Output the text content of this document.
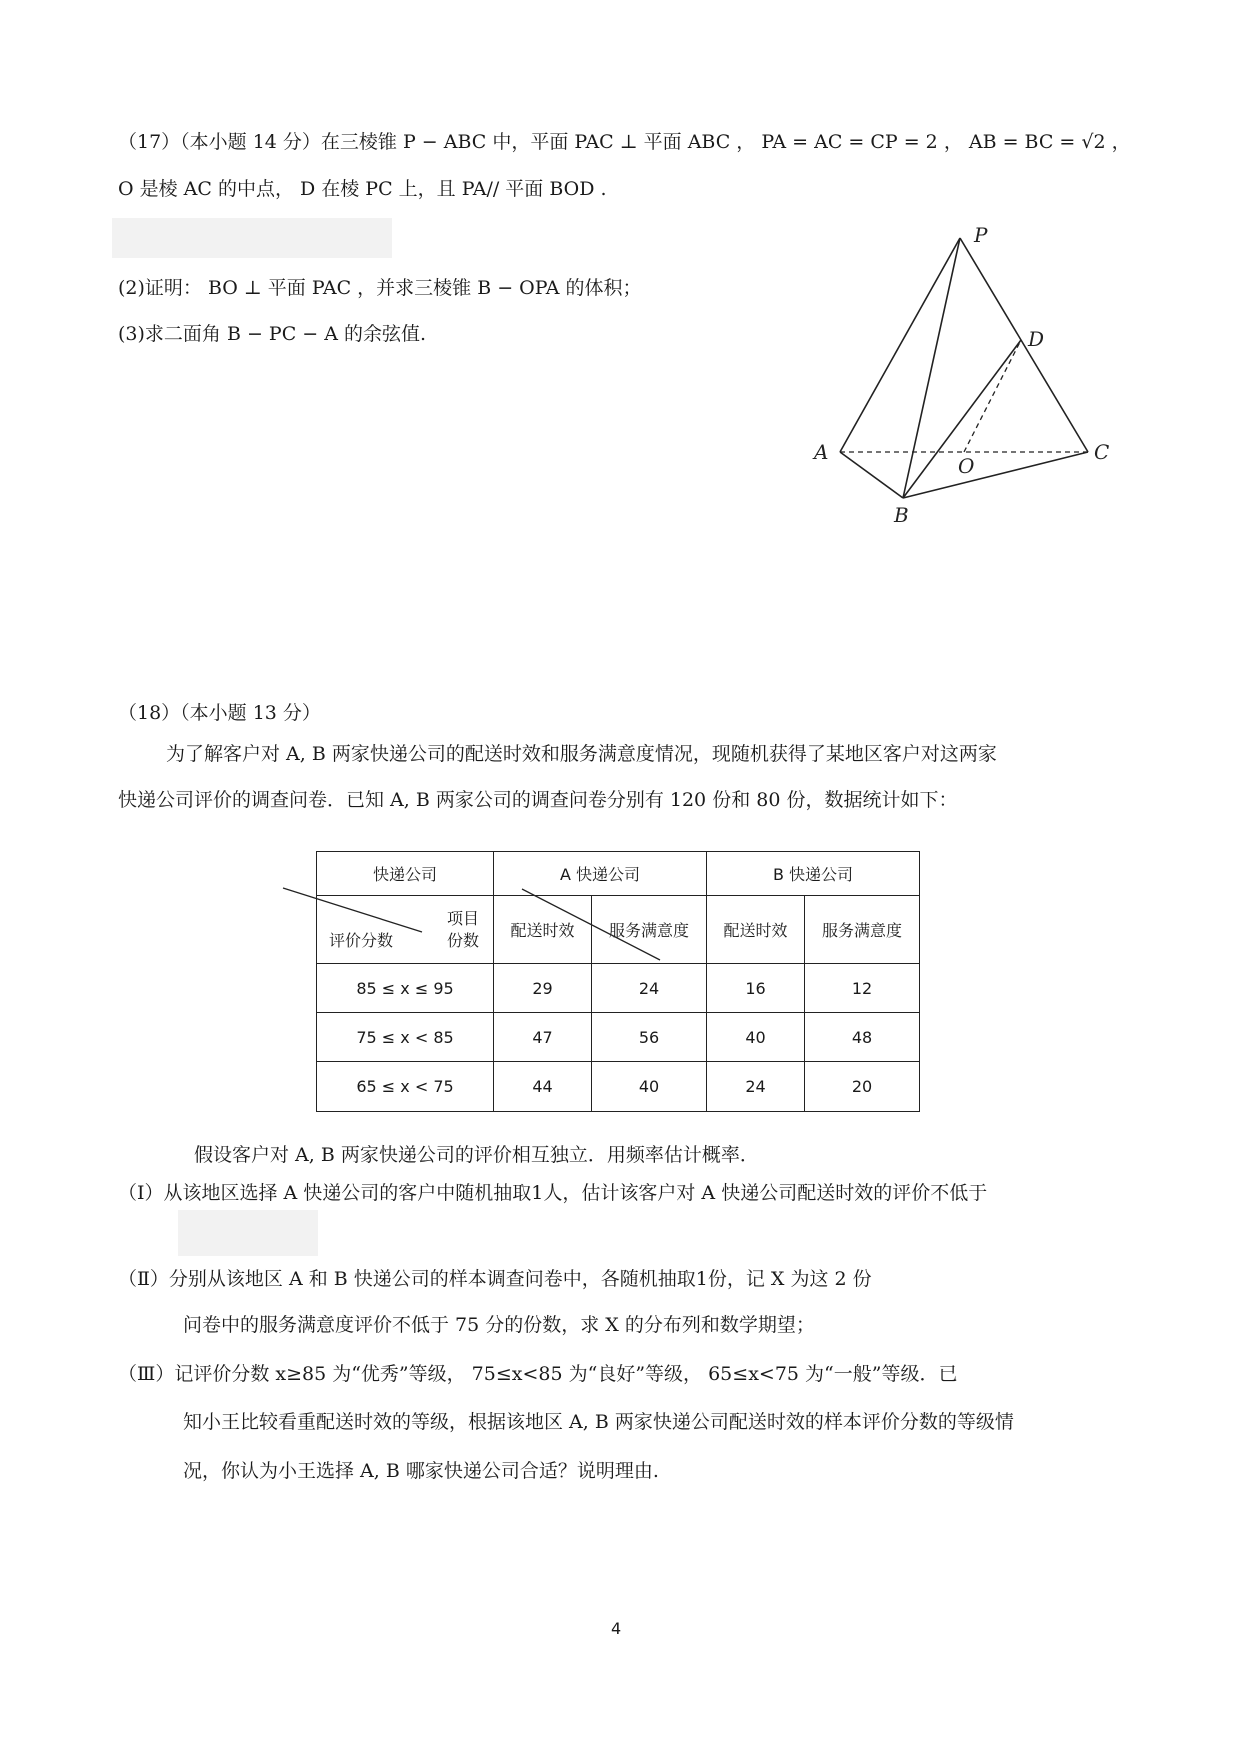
（17）（本小题 14 分）在三棱锥 P − ABC 中，平面 PAC ⊥ 平面 ABC ， PA = AC = CP = 2 ， AB = BC = √2 ，
O 是棱 AC 的中点， D 在棱 PC 上，且 PA// 平面 BOD .
(2)证明： BO ⊥ 平面 PAC ，并求三棱锥 B − OPA 的体积；
(3)求二面角 B − PC − A 的余弦值.
P
D
A
O
C
B
（18）（本小题 13 分）
为了解客户对 A, B 两家快递公司的配送时效和服务满意度情况，现随机获得了某地区客户对这两家
快递公司评价的调查问卷．已知 A, B 两家公司的调查问卷分别有 120 份和 80 份，数据统计如下：
快递公司	A 快递公司		B 快递公司	

项目
评价分数 份数	配送时效	服务满意度	配送时效	服务满意度
85 ≤ x ≤ 95	29	24	16	12
75 ≤ x < 85	47	56	40	48
65 ≤ x < 75	44	40	24	20
假设客户对 A, B 两家快递公司的评价相互独立．用频率估计概率．
（Ⅰ）从该地区选择 A 快递公司的客户中随机抽取1人，估计该客户对 A 快递公司配送时效的评价不低于
（Ⅱ）分别从该地区 A 和 B 快递公司的样本调查问卷中，各随机抽取1份，记 X 为这 2 份
问卷中的服务满意度评价不低于 75 分的份数，求 X 的分布列和数学期望；
（Ⅲ）记评价分数 x≥85 为“优秀”等级， 75≤x<85 为“良好”等级， 65≤x<75 为“一般”等级．已
知小王比较看重配送时效的等级，根据该地区 A, B 两家快递公司配送时效的样本评价分数的等级情
况，你认为小王选择 A, B 哪家快递公司合适？说明理由.
4
